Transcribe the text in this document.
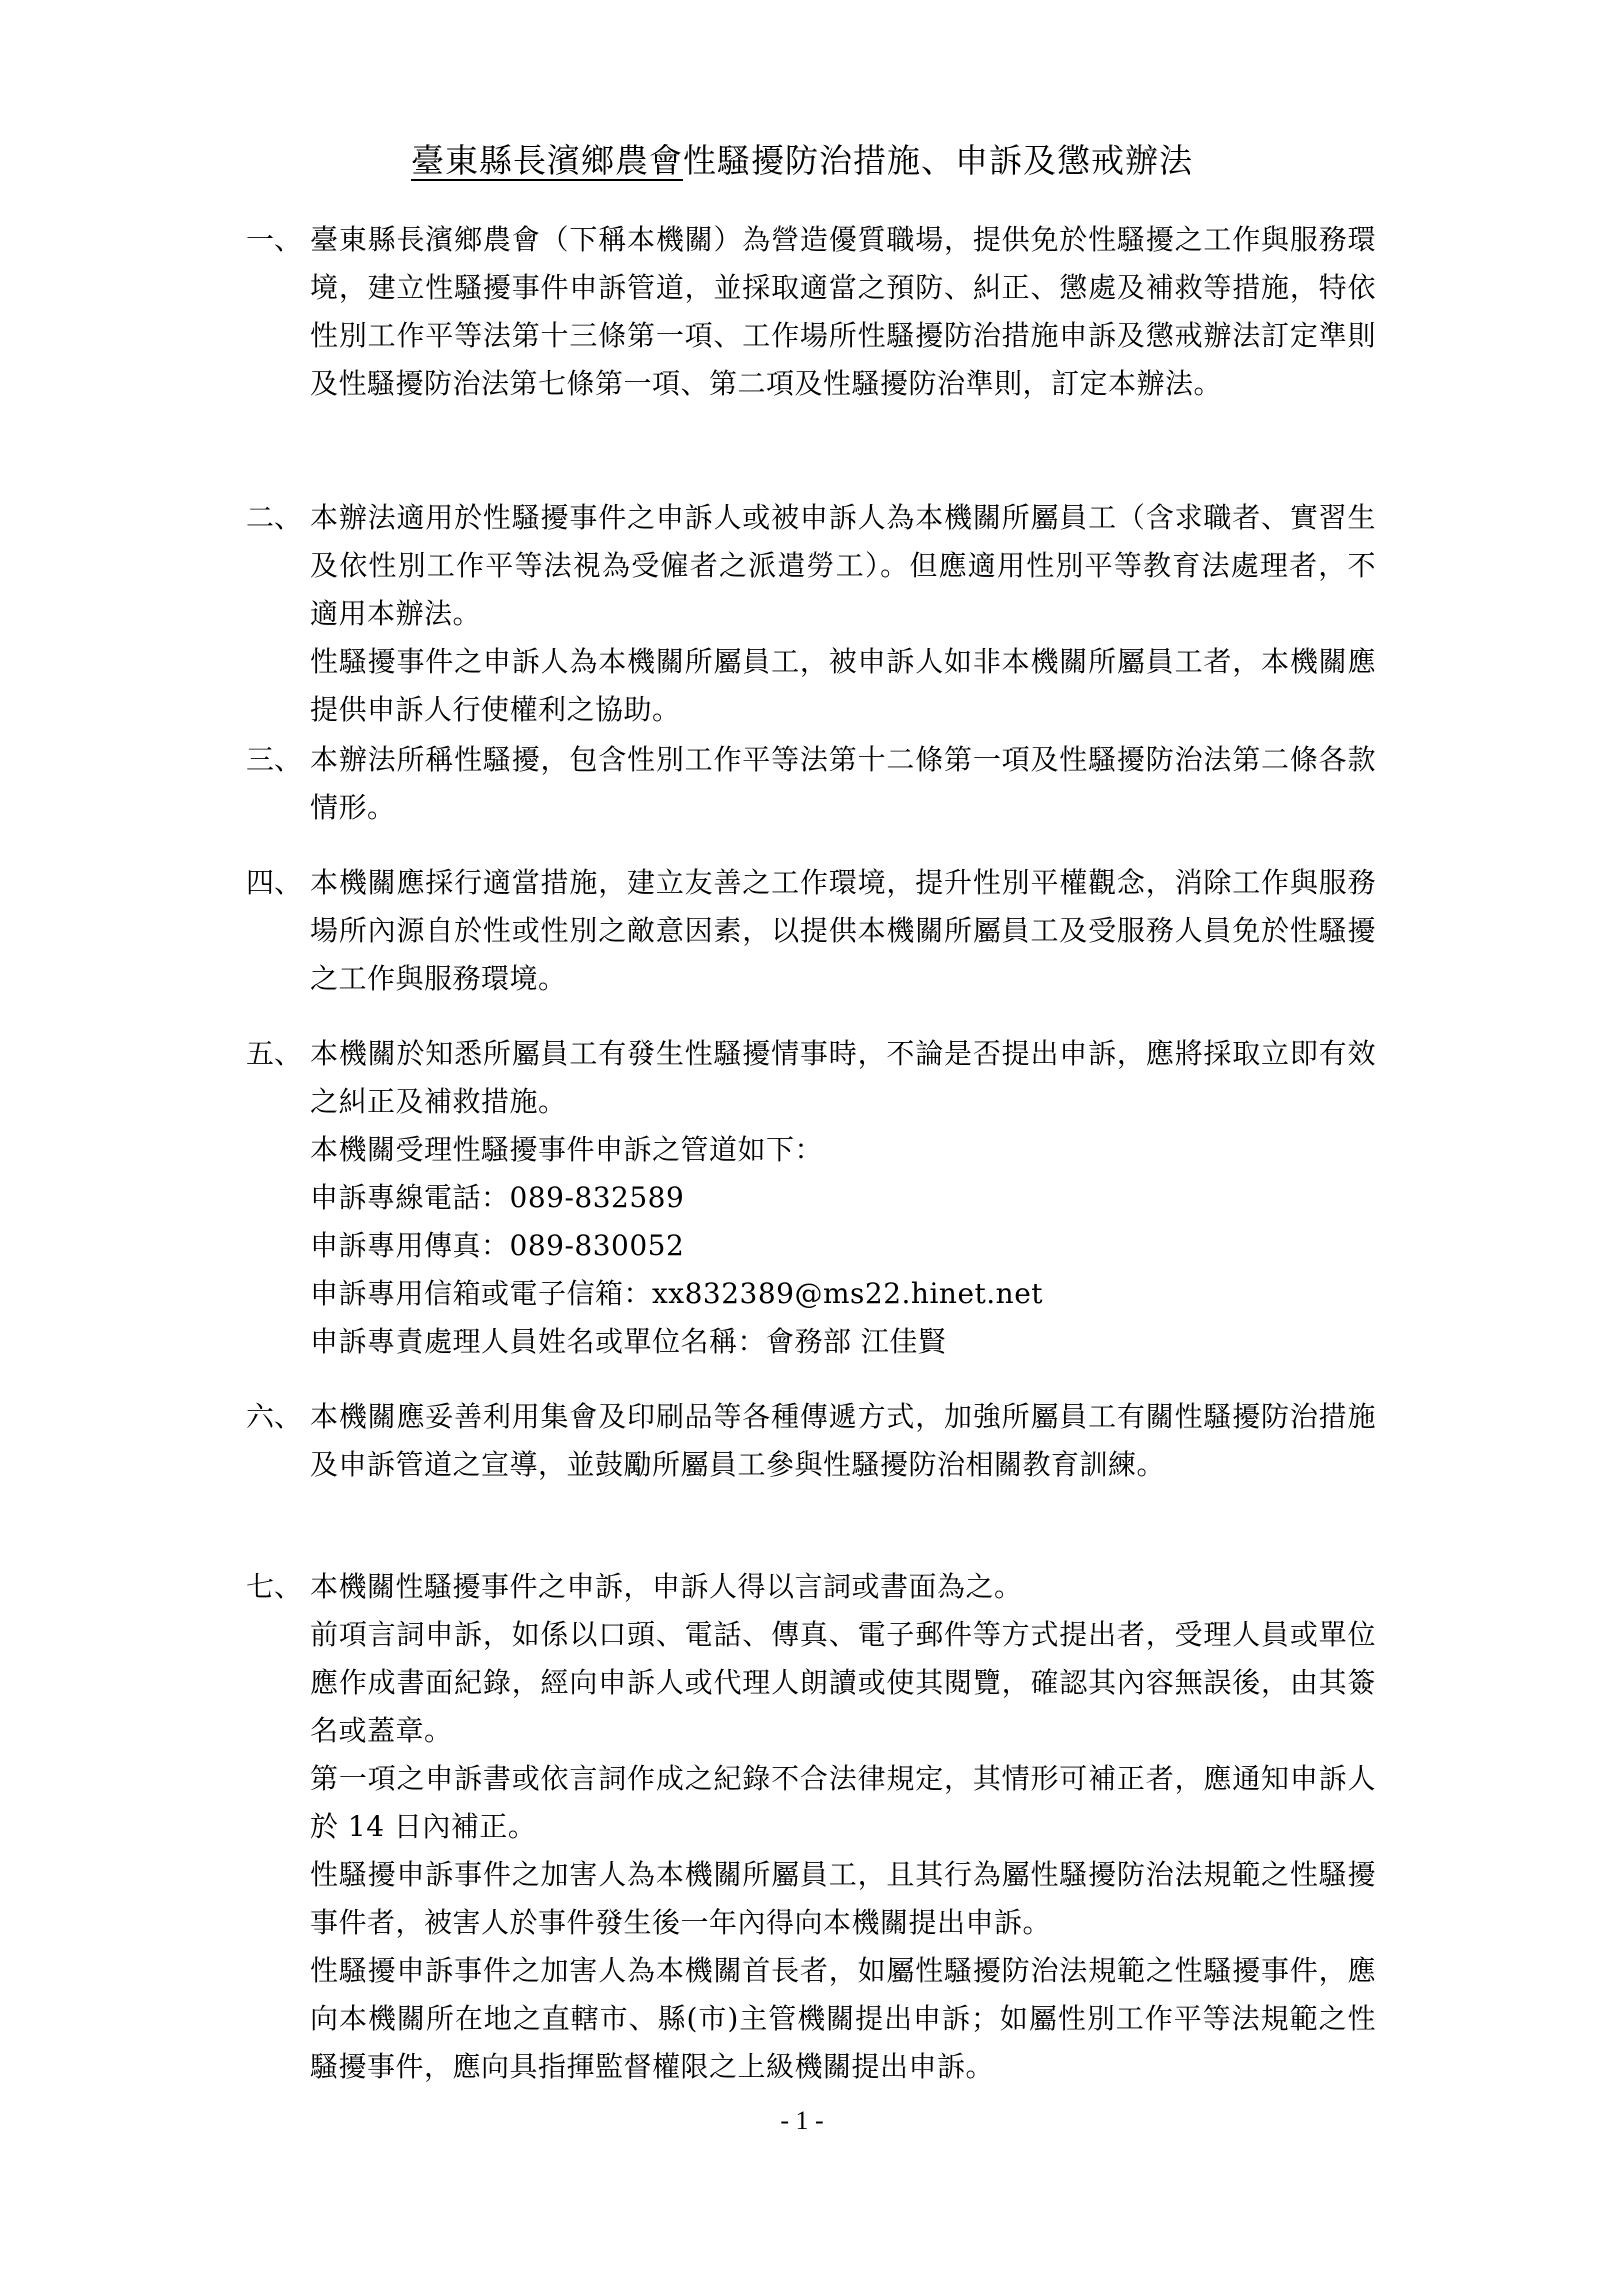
臺東縣長濱鄉農會性騷擾防治措施、申訴及懲戒辦法
一、 臺東縣長濱鄉農會（下稱本機關）為營造優質職場，提供免於性騷擾之工作與服務環境，建立性騷擾事件申訴管道，並採取適當之預防、糾正、懲處及補救等措施，特依性別工作平等法第十三條第一項、工作場所性騷擾防治措施申訴及懲戒辦法訂定準則及性騷擾防治法第七條第一項、第二項及性騷擾防治準則，訂定本辦法。

二、 本辦法適用於性騷擾事件之申訴人或被申訴人為本機關所屬員工（含求職者、實習生及依性別工作平等法視為受僱者之派遣勞工）。但應適用性別平等教育法處理者，不適用本辦法。

性騷擾事件之申訴人為本機關所屬員工，被申訴人如非本機關所屬員工者，本機關應提供申訴人行使權利之協助。

三、 本辦法所稱性騷擾，包含性別工作平等法第十二條第一項及性騷擾防治法第二條各款情形。

四、 本機關應採行適當措施，建立友善之工作環境，提升性別平權觀念，消除工作與服務場所內源自於性或性別之敵意因素，以提供本機關所屬員工及受服務人員免於性騷擾之工作與服務環境。

五、 本機關於知悉所屬員工有發生性騷擾情事時，不論是否提出申訴，應將採取立即有效之糾正及補救措施。

本機關受理性騷擾事件申訴之管道如下：

申訴專線電話：089-832589

申訴專用傳真：089-830052

申訴專用信箱或電子信箱：xx832389@ms22.hinet.net

申訴專責處理人員姓名或單位名稱：會務部 江佳賢

六、 本機關應妥善利用集會及印刷品等各種傳遞方式，加強所屬員工有關性騷擾防治措施及申訴管道之宣導，並鼓勵所屬員工參與性騷擾防治相關教育訓練。

七、 本機關性騷擾事件之申訴，申訴人得以言詞或書面為之。

前項言詞申訴，如係以口頭、電話、傳真、電子郵件等方式提出者，受理人員或單位應作成書面紀錄，經向申訴人或代理人朗讀或使其閱覽，確認其內容無誤後，由其簽名或蓋章。

第一項之申訴書或依言詞作成之紀錄不合法律規定，其情形可補正者，應通知申訴人於 14 日內補正。

性騷擾申訴事件之加害人為本機關所屬員工，且其行為屬性騷擾防治法規範之性騷擾事件者，被害人於事件發生後一年內得向本機關提出申訴。

性騷擾申訴事件之加害人為本機關首長者，如屬性騷擾防治法規範之性騷擾事件，應向本機關所在地之直轄市、縣(市)主管機關提出申訴；如屬性別工作平等法規範之性騷擾事件，應向具指揮監督權限之上級機關提出申訴。

- 1 -
